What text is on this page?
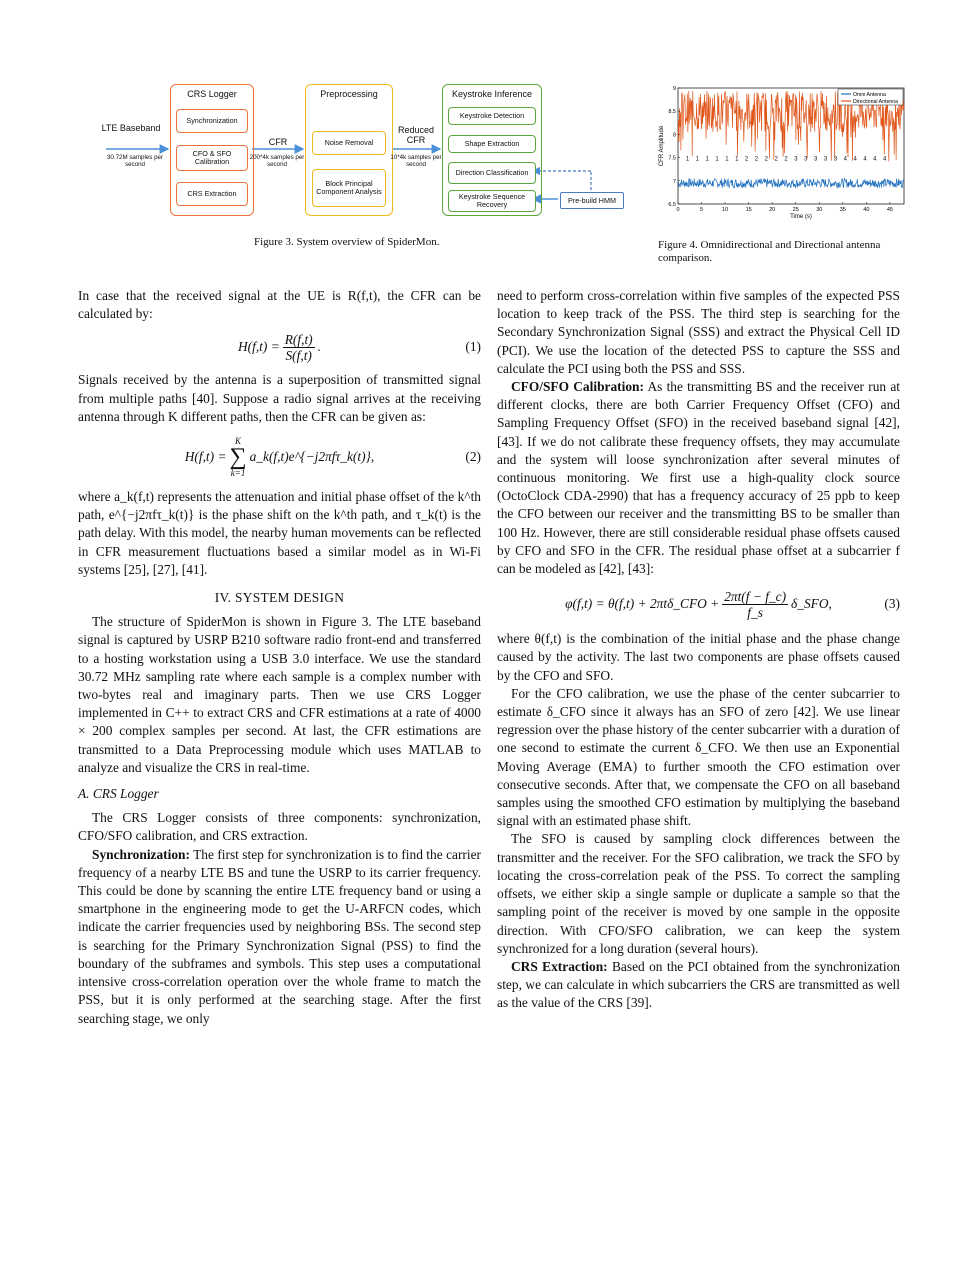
LTE Baseband
30.72M samples per second
CRS Logger
Synchronization
CFO & SFO Calibration
CRS Extraction
CFR
200*4k samples per second
Preprocessing
Noise Removal
Block Principal Component Analysis
Reduced CFR
10*4k samples per second
Keystroke Inference
Keystroke Detection
Shape Extraction
Direction Classification
Keystroke Sequence Recovery	Pre-build HMM
Figure 3. System overview of SpiderMon.
1 1 1 1 1 1 2 2 2 2 2 3 3 3 3 3 4 4 4 4 4
0	5	10	15	20	25	30	35	40	45
6.5
7
7.5
8
8.5
9
Time (s)
CFR Amplitude
Omni Antenna
Directional Antenna
Figure 4. Omnidirectional and Directional antenna comparison.

In case that the received signal at the UE is R(f,t), the CFR can be calculated by:

$H(f,t) = \frac{R(f,t)}{S(f,t)}$ .	(1)

Signals received by the antenna is a superposition of transmitted signal from multiple paths [40]. Suppose a radio signal arrives at the receiving antenna through K different paths, then the CFR can be given as:

H(f,t) =
K
∑
k=1
a_k(f,t)e^{−j2πfτ_k(t)},	(2)

where a_k(f,t) represents the attenuation and initial phase offset of the k^th path, e^{−j2πfτ_k(t)} is the phase shift on the k^th path, and τ_k(t) is the path delay. With this model, the nearby human movements can be reflected in CFR measurement fluctuations based a similar model as in Wi-Fi systems [25], [27], [41].

IV. SYSTEM DESIGN

The structure of SpiderMon is shown in Figure 3. The LTE baseband signal is captured by USRP B210 software radio front-end and transferred to a hosting workstation using a USB 3.0 interface. We use the standard 30.72 MHz sampling rate where each sample is a complex number with two-bytes real and imaginary parts. Then we use CRS Logger implemented in C++ to extract CRS and CFR estimations at a rate of 4000 × 200 complex samples per second. At last, the CFR estimations are transmitted to a Data Preprocessing module which uses MATLAB to analyze and visualize the CRS in real-time.

A. CRS Logger

The CRS Logger consists of three components: synchronization, CFO/SFO calibration, and CRS extraction.

Synchronization: The first step for synchronization is to find the carrier frequency of a nearby LTE BS and tune the USRP to its carrier frequency. This could be done by scanning the entire LTE frequency band or using a smartphone in the engineering mode to get the U-ARFCN codes, which indicate the carrier frequencies used by neighboring BSs. The second step is searching for the Primary Synchronization Signal (PSS) to find the boundary of the subframes and symbols. This step uses a computational intensive cross-correlation operation over the whole frame to match the PSS, but it is only performed at the searching stage. After the first searching stage, we only

need to perform cross-correlation within five samples of the expected PSS location to keep track of the PSS. The third step is searching for the Secondary Synchronization Signal (SSS) and extract the Physical Cell ID (PCI). We use the location of the detected PSS to capture the SSS and calculate the PCI using both the PSS and SSS.

CFO/SFO Calibration: As the transmitting BS and the receiver run at different clocks, there are both Carrier Frequency Offset (CFO) and Sampling Frequency Offset (SFO) in the received baseband signal [42], [43]. If we do not calibrate these frequency offsets, they may accumulate and the system will loose synchronization after several minutes of continuous monitoring. We first use a high-quality clock source (OctoClock CDA-2990) that has a frequency accuracy of 25 ppb to keep the CFO between our receiver and the transmitting BS to be smaller than 100 Hz. However, there are still considerable residual phase offsets caused by CFO and SFO in the CFR. The residual phase offset at a subcarrier f can be modeled as [42], [43]:

φ(f,t) = θ(f,t) + 2πtδ_CFO + $\frac{2\pi t(f - f\_c)}{f\_s}$ δ_SFO,	(3)

where θ(f,t) is the combination of the initial phase and the phase change caused by the activity. The last two components are phase offsets caused by the CFO and SFO.

For the CFO calibration, we use the phase of the center subcarrier to estimate δ_CFO since it always has an SFO of zero [42]. We use linear regression over the phase history of the center subcarrier with a duration of one second to estimate the current δ_CFO. We then use an Exponential Moving Average (EMA) to further smooth the CFO estimation over consecutive seconds. After that, we compensate the CFO on all baseband samples using the smoothed CFO estimation by multiplying the baseband signal with an estimated phase shift.

The SFO is caused by sampling clock differences between the transmitter and the receiver. For the SFO calibration, we track the SFO by locating the cross-correlation peak of the PSS. To correct the sampling offsets, we either skip a single sample or duplicate a sample so that the sampling point of the receiver is moved by one sample in the opposite direction. With CFO/SFO calibration, we can keep the system synchronized for a long duration (several hours).

CRS Extraction: Based on the PCI obtained from the synchronization step, we can calculate in which subcarriers the CRS are transmitted as well as the value of the CRS [39].
